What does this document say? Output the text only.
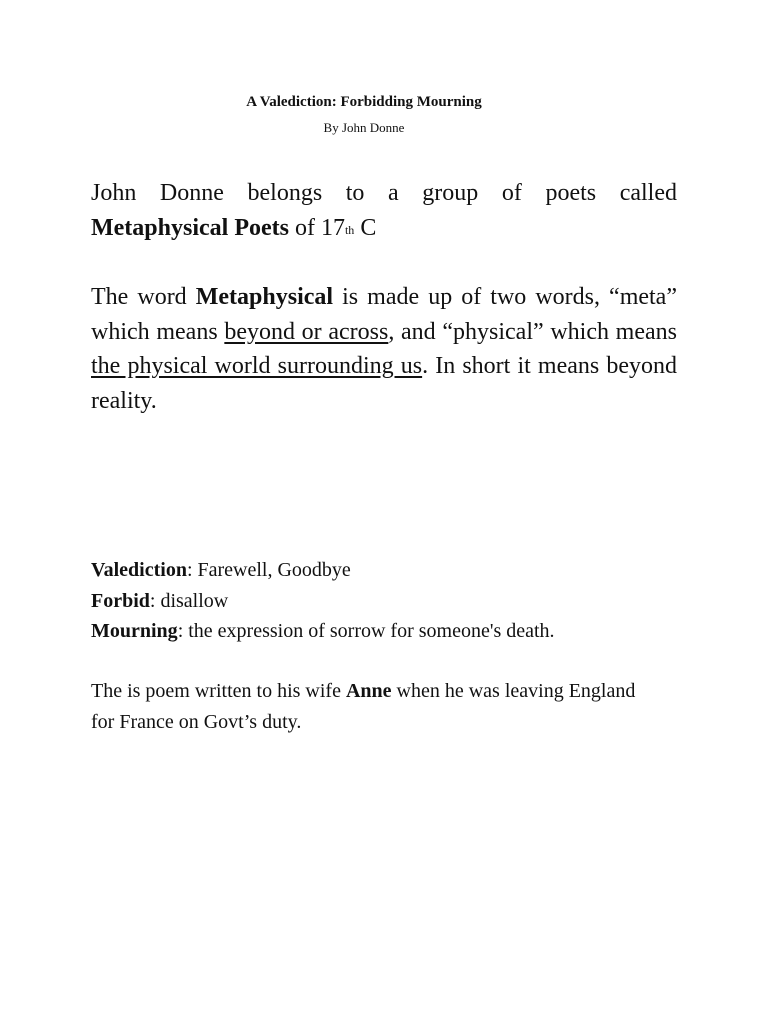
A Valediction: Forbidding Mourning
By John Donne

John Donne belongs to a group of poets called Metaphysical Poets of 17th C

The word Metaphysical is made up of two words, “meta” which means beyond or across, and “physical” which means the physical world surrounding us. In short it means beyond reality.

Valediction: Farewell, Goodbye
Forbid: disallow
Mourning: the expression of sorrow for someone's death.

The is poem written to his wife Anne when he was leaving England for France on Govt’s duty.
